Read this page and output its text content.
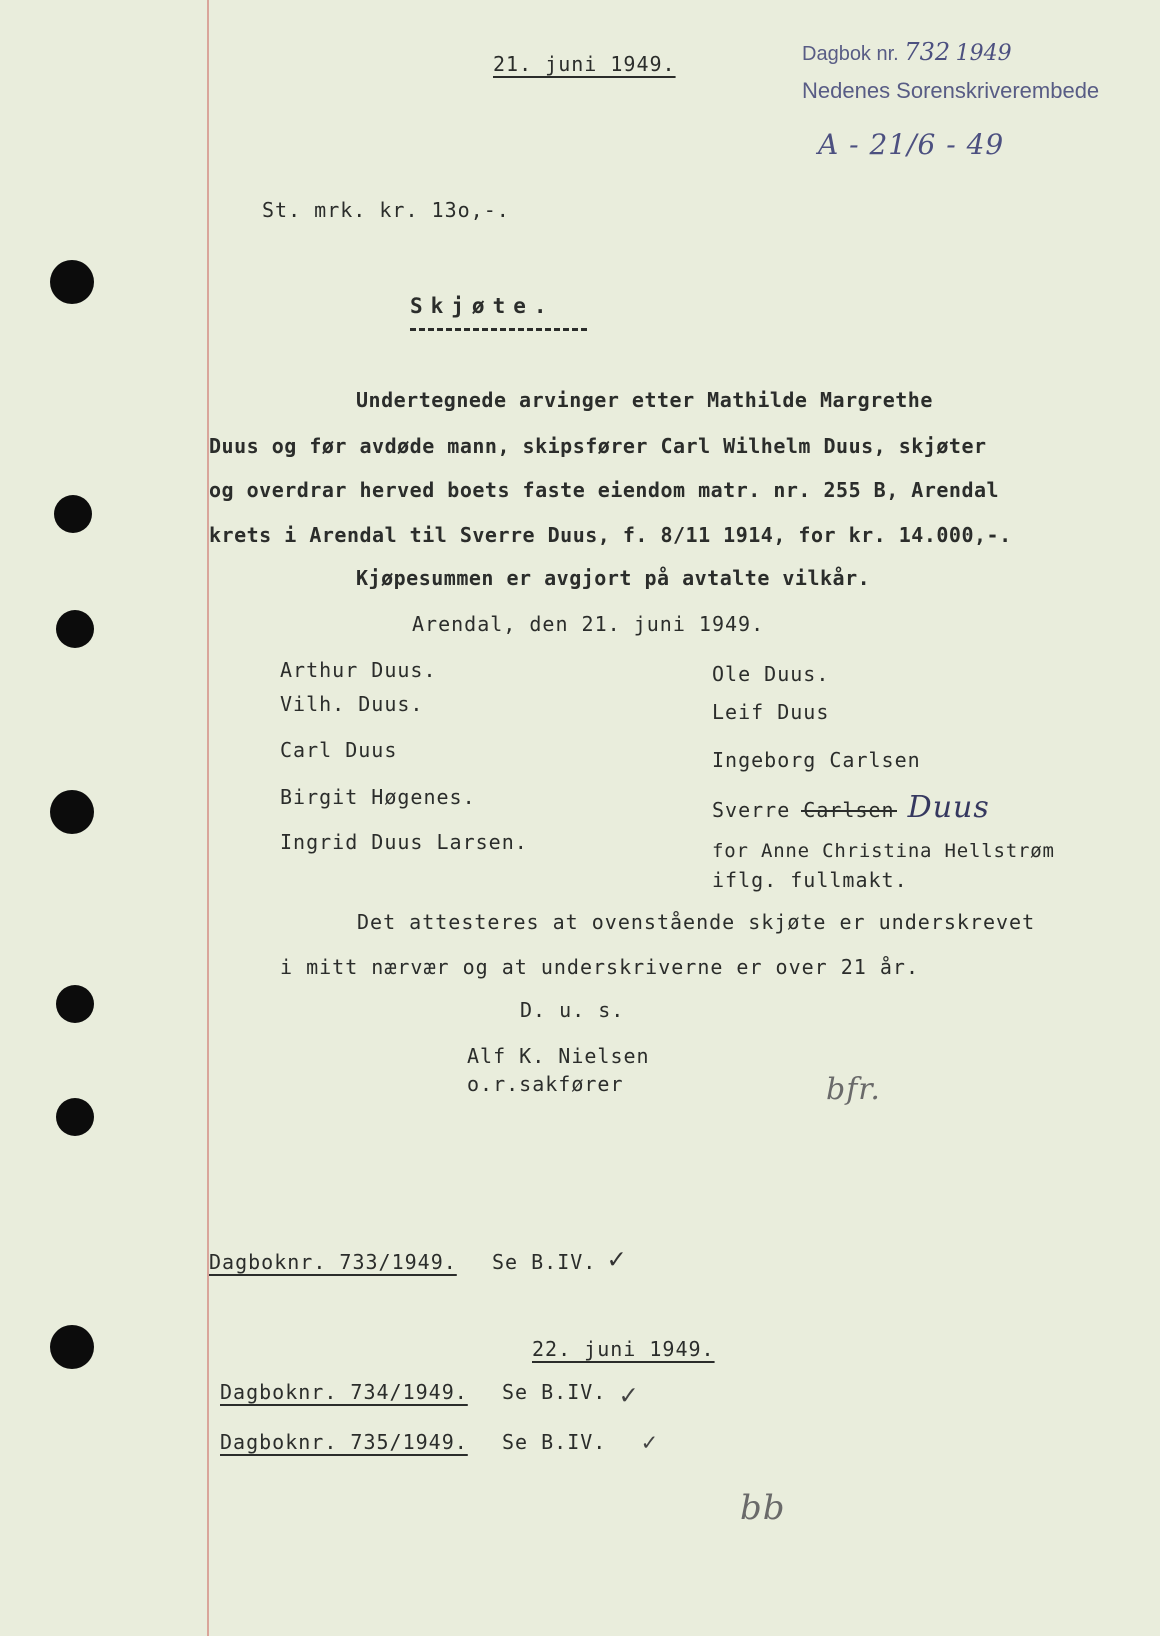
21. juni 1949.	Dagbok nr. 732 1949
Nedenes Sorenskriverembede
A - 21/6 - 49
St. mrk. kr. 13o,-.
Skjøte.
Undertegnede arvinger etter Mathilde Margrethe
Duus og før avdøde mann, skipsfører Carl Wilhelm Duus, skjøter
og overdrar herved boets faste eiendom matr. nr. 255 B, Arendal
krets i Arendal til Sverre Duus, f. 8/11 1914, for kr. 14.000,-.
Kjøpesummen er avgjort på avtalte vilkår.
Arendal, den 21. juni 1949.
Arthur Duus.
Vilh. Duus.
Carl Duus
Birgit Høgenes.
Ingrid Duus Larsen.
Ole Duus.
Leif Duus
Ingeborg Carlsen
Sverre Carlsen Duus
for Anne Christina Hellstrøm
iflg. fullmakt.
Det attesteres at ovenstående skjøte er underskrevet
i mitt nærvær og at underskriverne er over 21 år.
D. u. s.
Alf K. Nielsen
o.r.sakfører	bfr.
Dagboknr. 733/1949. Se B.IV. ✓
22. juni 1949.
Dagboknr. 734/1949. Se B.IV. ✓
Dagboknr. 735/1949. Se B.IV. ✓
bb
